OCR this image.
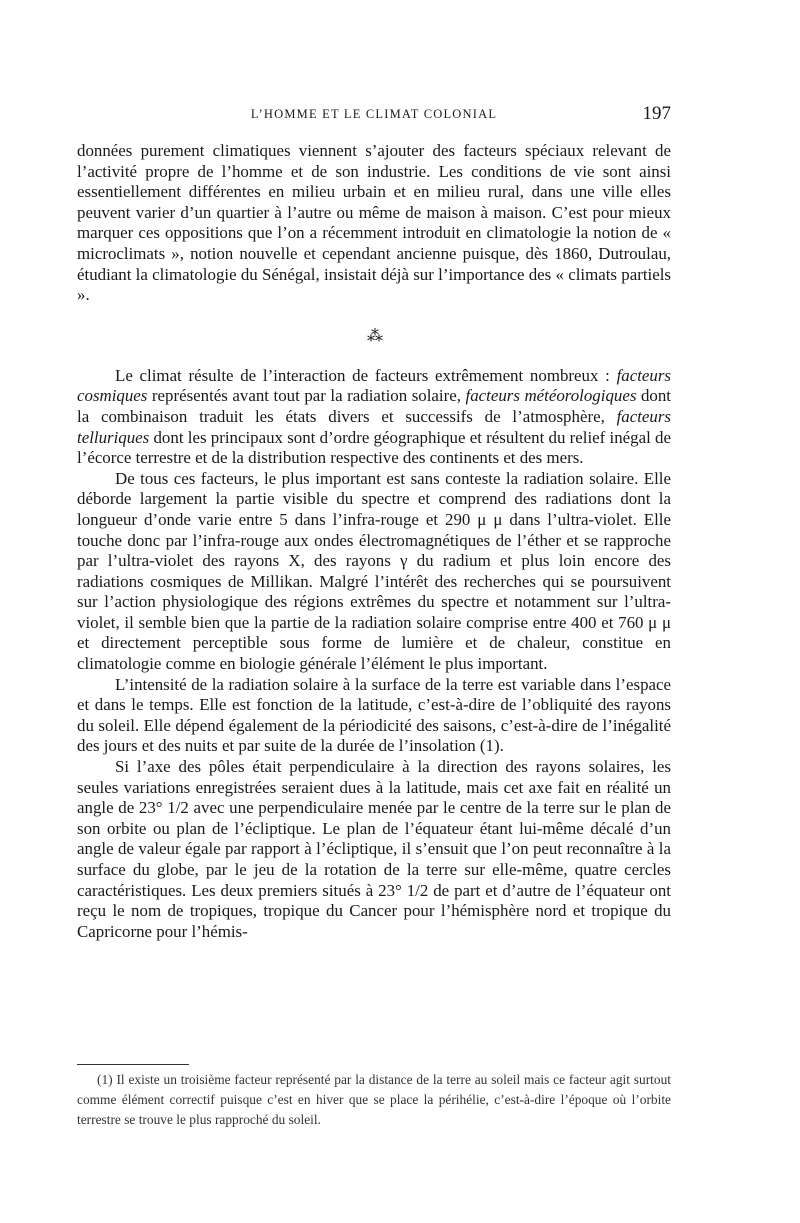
L’HOMME ET LE CLIMAT COLONIAL	197

données purement climatiques viennent s’ajouter des facteurs spéciaux relevant de l’activité propre de l’homme et de son industrie. Les conditions de vie sont ainsi essentiellement différentes en milieu urbain et en milieu rural, dans une ville elles peuvent varier d’un quartier à l’autre ou même de maison à maison. C’est pour mieux marquer ces oppositions que l’on a récemment introduit en climatologie la notion de « microclimats », notion nouvelle et cependant ancienne puisque, dès 1860, Dutroulau, étudiant la climatologie du Sénégal, insistait déjà sur l’importance des « climats partiels ».

⁂

Le climat résulte de l’interaction de facteurs extrêmement nombreux : facteurs cosmiques représentés avant tout par la radiation solaire, facteurs météorologiques dont la combinaison traduit les états divers et successifs de l’atmosphère, facteurs telluriques dont les principaux sont d’ordre géographique et résultent du relief inégal de l’écorce terrestre et de la distribution respective des continents et des mers.

De tous ces facteurs, le plus important est sans conteste la radiation solaire. Elle déborde largement la partie visible du spectre et comprend des radiations dont la longueur d’onde varie entre 5 dans l’infra-rouge et 290 μ μ dans l’ultra-violet. Elle touche donc par l’infra-rouge aux ondes électromagnétiques de l’éther et se rapproche par l’ultra-violet des rayons X, des rayons γ du radium et plus loin encore des radiations cosmiques de Millikan. Malgré l’intérêt des recherches qui se poursuivent sur l’action physiologique des régions extrêmes du spectre et notamment sur l’ultra-violet, il semble bien que la partie de la radiation solaire comprise entre 400 et 760 μ μ et directement perceptible sous forme de lumière et de chaleur, constitue en climatologie comme en biologie générale l’élément le plus important.

L’intensité de la radiation solaire à la surface de la terre est variable dans l’espace et dans le temps. Elle est fonction de la latitude, c’est-à-dire de l’obliquité des rayons du soleil. Elle dépend également de la périodicité des saisons, c’est-à-dire de l’inégalité des jours et des nuits et par suite de la durée de l’insolation (1).

Si l’axe des pôles était perpendiculaire à la direction des rayons solaires, les seules variations enregistrées seraient dues à la latitude, mais cet axe fait en réalité un angle de 23° 1/2 avec une perpendiculaire menée par le centre de la terre sur le plan de son orbite ou plan de l’écliptique. Le plan de l’équateur étant lui-même décalé d’un angle de valeur égale par rapport à l’écliptique, il s’ensuit que l’on peut reconnaître à la surface du globe, par le jeu de la rotation de la terre sur elle-même, quatre cercles caractéristiques. Les deux premiers situés à 23° 1/2 de part et d’autre de l’équateur ont reçu le nom de tropiques, tropique du Cancer pour l’hémisphère nord et tropique du Capricorne pour l’hémis-

(1) Il existe un troisième facteur représenté par la distance de la terre au soleil mais ce facteur agit surtout comme élément correctif puisque c’est en hiver que se place la périhélie, c’est-à-dire l’époque où l’orbite terrestre se trouve le plus rapproché du soleil.
